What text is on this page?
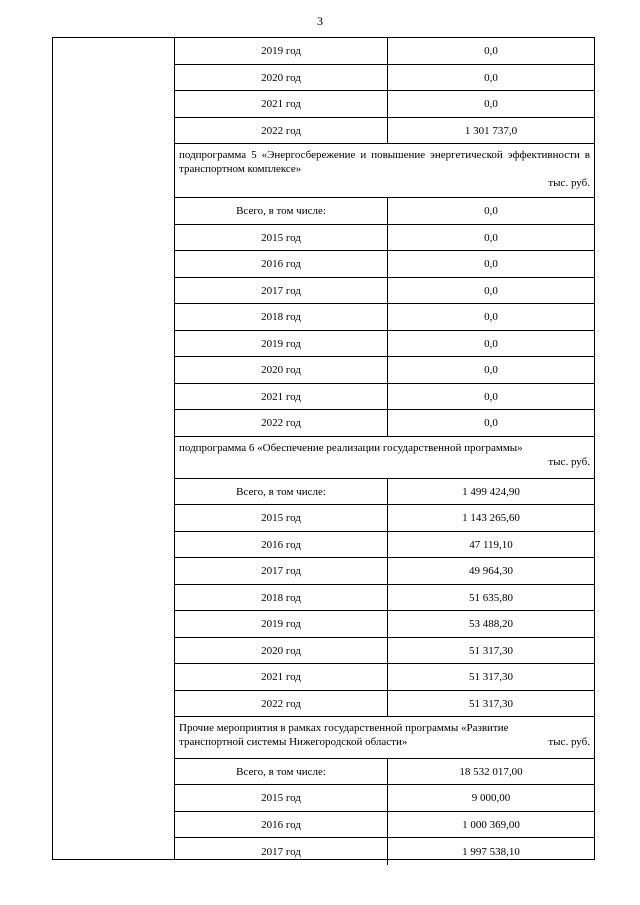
3
2019 год	0,0
2020 год	0,0
2021 год	0,0
2022 год	1 301 737,0
подпрограмма 5 «Энергосбережение и повышение энергетической эффективности в транспортном комплексе»
тыс. руб.
Всего, в том числе:	0,0
2015 год	0,0
2016 год	0,0
2017 год	0,0
2018 год	0,0
2019 год	0,0
2020 год	0,0
2021 год	0,0
2022 год	0,0
подпрограмма 6 «Обеспечение реализации государственной программы»
тыс. руб.
Всего, в том числе:	1 499 424,90
2015 год	1 143 265,60
2016 год	47 119,10
2017 год	49 964,30
2018 год	51 635,80
2019 год	53 488,20
2020 год	51 317,30
2021 год	51 317,30
2022 год	51 317,30
Прочие мероприятия в рамках государственной программы «Развитие
транспортной системы Нижегородской области»	тыс. руб.
Всего, в том числе:	18 532 017,00
2015 год	9 000,00
2016 год	1 000 369,00
2017 год	1 997 538,10
